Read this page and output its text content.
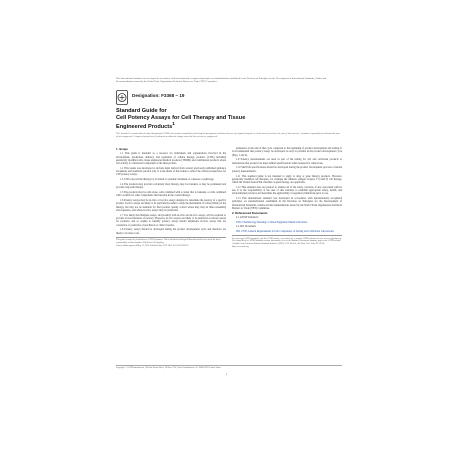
This international standard was developed in accordance with internationally recognized principles on standardization established in the Decision on Principles for the Development of International Standards, Guides and Recommendations issued by the World Trade Organization Technical Barriers to Trade (TBT) Committee.
Designation: F3368 − 19
Standard Guide for
Cell Potency Assays for Cell Therapy and Tissue
Engineered Products$^1$
This standard is issued under the fixed designation F3368; the number immediately following the designation indicates the year of original adoption or, in the case of revision, the year of last revision. A number in parentheses indicates the year of last reapproval. A superscript epsilon (ε) indicates an editorial change since the last revision or reapproval.
1. Scope

1.1 This guide is intended as a resource for individuals and organizations involved in the development, production, delivery, and regulation of cellular therapy products (CTPs) including genetically modified cells, tissue engineered medical products (TEMPs) and combination products where cell activity is a functional component of the final product.

1.2 This Guide was developed to include input derived from several previously published guidance documents and standards (section 2.4). It is the intent of this Guide to reflect the current perspectives for CTP potency assays.

1.3 CTPs can provide therapy by localized or systemic treatment of a disease or pathology.

1.4 The products may provide a relatively short therapy, may be transient, or may be permanent and provide long-term therapy.

1.5 The products may be cells alone, cells combined with a carrier that is transient, or cells combined with a scaffold or other components that function in the overall therapy.

1.6 Potency assays may be in-vitro or in-vivo assays designed to determine the potency of a specific product. In-vivo assays are likely to be particularly useful to study the mechanism of action (MOA) of the therapy, but may not be desirable for final product quality control where they may be time-consuming and expensive, and where in-vitro assays may be preferable.

1.7 It is likely that multiple assays, and possibly both in-vitro and in-vivo assays, will be required to provide a broad measure of potency. However, in-vivo assays are likely to be preferred as release assays for products, and so studies to identify potency assays should emphasize in-vitro assays that are correlative or predictive of preclinical or clinical results.

1.8 Potency assays should be developed during the product development cycle and therefore are likely to be more com-

This guide is under the jurisdiction of ASTM Committee F04 on Medical and Surgical Materials and Devices and is the direct responsibility of Subcommittee F04.46 on Cell Signaling.
Current edition approved May 15, 2019. Published July 2019. DOI: 10.1520/F3368-19.

prehensive at the end of that cycle compared to the beginning of product development and testing. It is recommended that potency assays be developed as early as possible in the product development cycle (Figs. 1 and 2).

1.9 Potency measurements are used as part of the testing for cell and cell-based products to demonstrate that product lots meet defined specifications when released for clinical use.

1.10 Shelf life specifications should be developed during the product development process to include potency measurements.

1.11 This standard guide is not intended to apply to drug or gene therapy products. However, genetically modified cell therapies, for example the chimeric antigen receptor T (CAR-T) cell therapy, which the United States FDA classifies as gene therapy, are applicable.

1.12 This standard does not purport to address all of the safety concerns, if any, associated with its use. It is the responsibility of the user of this standard to establish appropriate safety, health, and environmental practices and determine the applicability of regulatory limitations prior to use.

1.13 This international standard was developed in accordance with internationally recognized principles on standardization established in the Decision on Principles for the Development of International Standards, Guides and Recommendations issued by the World Trade Organization Technical Barriers to Trade (TBT) Committee.

2. Referenced Documents

2.1 ASTM Standards:

F2312 Terminology Relating to Tissue Engineered Medical Products

2.2 ISO Document:

ISO 17025 General Requirements for the Competence of Testing and Calibration Laboratories
For referenced ASTM standards, visit the ASTM website, www.astm.org, or contact ASTM Customer Service at service@astm.org. For Annual Book of ASTM Standards volume information, refer to the standard's Document Summary page on the ASTM website.
Available from American National Standards Institute (ANSI), 25 W. 43rd St., 4th Floor, New York, NY 10036, http://www.ansi.org.
Copyright © ASTM International, 100 Barr Harbor Drive, PO Box C700, West Conshohocken, PA 19428-2959. United States
1
